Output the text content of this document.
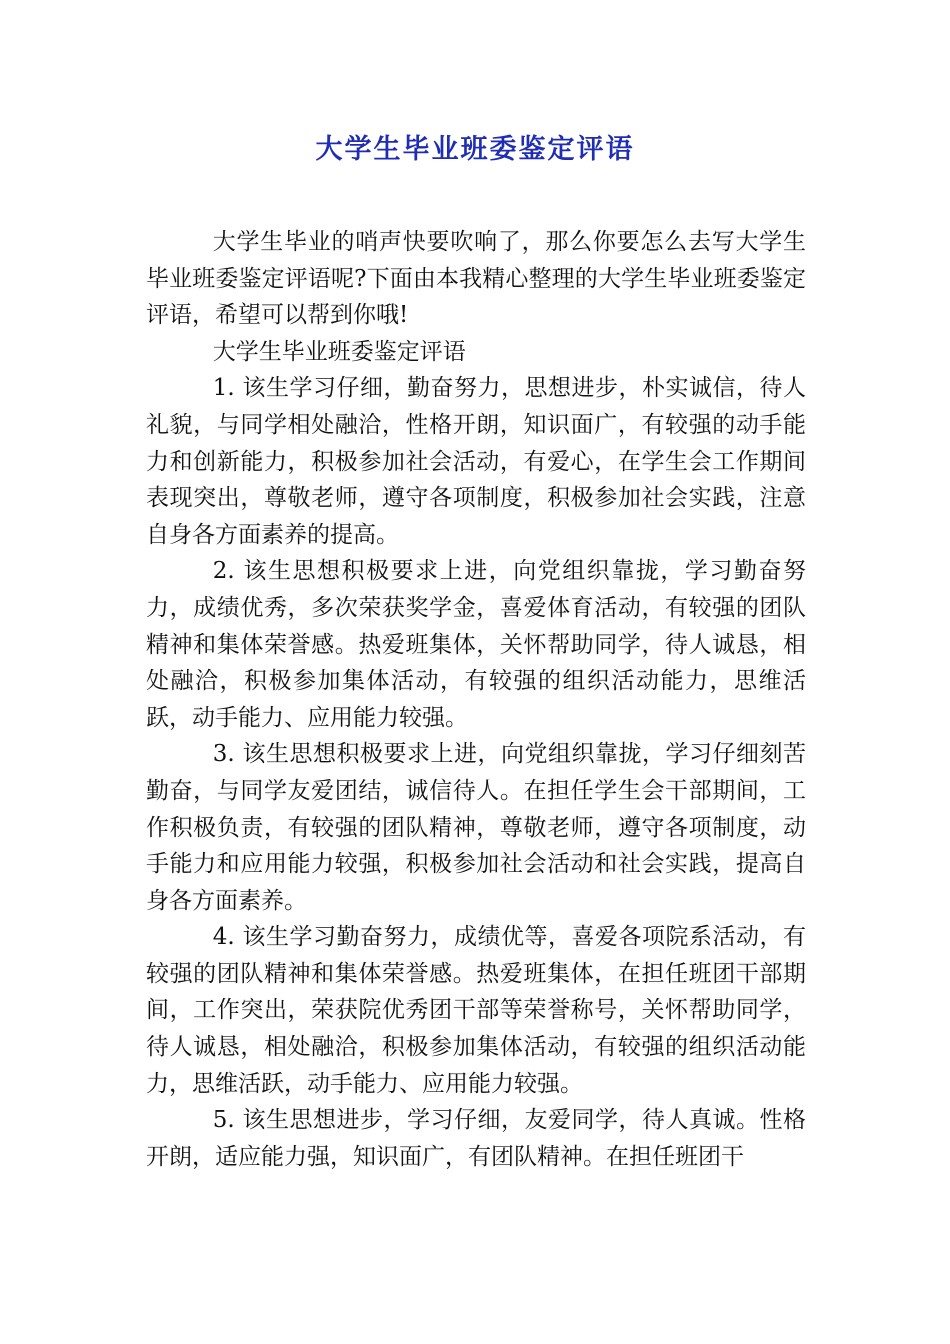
大学生毕业班委鉴定评语

大学生毕业的哨声快要吹响了，那么你要怎么去写大学生毕业班委鉴定评语呢?下面由本我精心整理的大学生毕业班委鉴定评语，希望可以帮到你哦!

大学生毕业班委鉴定评语

1. 该生学习仔细，勤奋努力，思想进步，朴实诚信，待人礼貌，与同学相处融洽，性格开朗，知识面广，有较强的动手能力和创新能力，积极参加社会活动，有爱心，在学生会工作期间表现突出，尊敬老师，遵守各项制度，积极参加社会实践，注意自身各方面素养的提高。

2. 该生思想积极要求上进，向党组织靠拢，学习勤奋努力，成绩优秀，多次荣获奖学金，喜爱体育活动，有较强的团队精神和集体荣誉感。热爱班集体，关怀帮助同学，待人诚恳，相处融洽，积极参加集体活动，有较强的组织活动能力，思维活跃，动手能力、应用能力较强。

3. 该生思想积极要求上进，向党组织靠拢，学习仔细刻苦勤奋，与同学友爱团结，诚信待人。在担任学生会干部期间，工作积极负责，有较强的团队精神，尊敬老师，遵守各项制度，动手能力和应用能力较强，积极参加社会活动和社会实践，提高自身各方面素养。

4. 该生学习勤奋努力，成绩优等，喜爱各项院系活动，有较强的团队精神和集体荣誉感。热爱班集体，在担任班团干部期间，工作突出，荣获院优秀团干部等荣誉称号，关怀帮助同学，待人诚恳，相处融洽，积极参加集体活动，有较强的组织活动能力，思维活跃，动手能力、应用能力较强。

5. 该生思想进步，学习仔细，友爱同学，待人真诚。性格开朗，适应能力强，知识面广，有团队精神。在担任班团干
